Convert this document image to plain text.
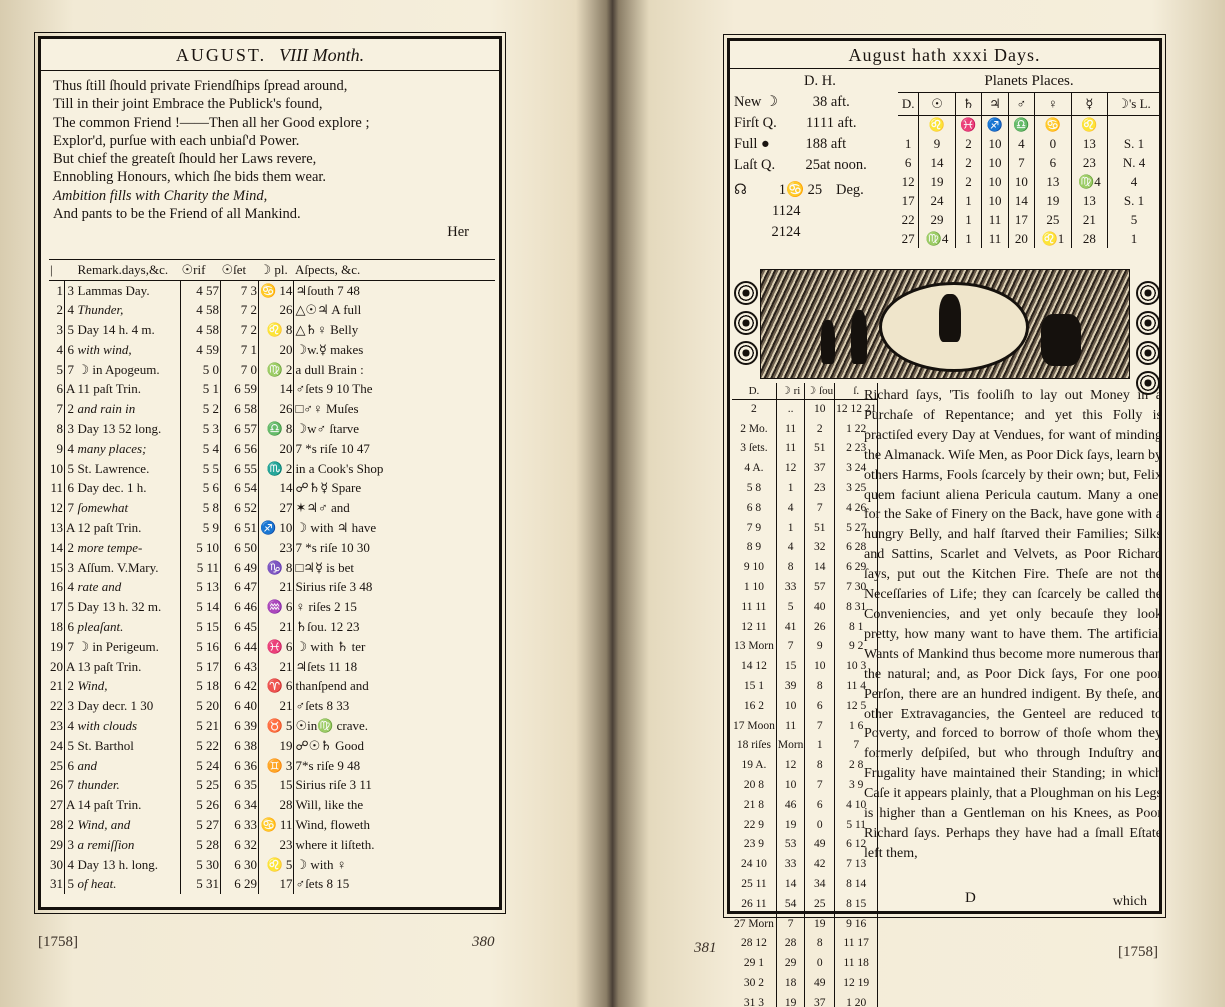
AUGUST. VIII Month.
Thus ſtill ſhould private Friendſhips ſpread around,
Till in their joint Embrace the Publick's found,
The common Friend !——Then all her Good explore ;
Explor'd, purſue with each unbiaſ'd Power.
But chief the greateſt ſhould her Laws revere,
Ennobling Honours, which ſhe bids them wear.
Ambition fills with Charity the Mind,
And pants to be the Friend of all Mankind.
Her
|		Remark.days,&c.	☉rif	☉ſet	☽ pl.	Aſpects, &c.
1	3	Lammas Day.	4 57	7 3	♋ 14	♃ſouth 7 48
2	4	Thunder,	4 58	7 2	26	△☉♃ A full
3	5	Day 14 h. 4 m.	4 58	7 2	♌ 8	△♄♀ Belly
4	6	with wind,	4 59	7 1	20	☽w.☿ makes
5	7	☽ in Apogeum.	5 0	7 0	♍ 2	a dull Brain :
6	A	11 paſt Trin.	5 1	6 59	14	♂ſets 9 10 The
7	2	and rain in	5 2	6 58	26	□♂♀ Muſes
8	3	Day 13 52 long.	5 3	6 57	♎ 8	☽w♂ ſtarve
9	4	many places;	5 4	6 56	20	7 *s riſe 10 47
10	5	St. Lawrence.	5 5	6 55	♏ 2	in a Cook's Shop
11	6	Day dec. 1 h.	5 6	6 54	14	☍♄☿ Spare
12	7	ſomewhat	5 8	6 52	27	✶♃♂ and
13	A	12 paſt Trin.	5 9	6 51	♐ 10	☽ with ♃ have
14	2	more tempe-	5 10	6 50	23	7 *s riſe 10 30
15	3	Aſſum. V.Mary.	5 11	6 49	♑ 8	□♃☿ is bet
16	4	rate and	5 13	6 47	21	Sirius riſe 3 48
17	5	Day 13 h. 32 m.	5 14	6 46	♒ 6	♀ riſes 2 15
18	6	pleaſant.	5 15	6 45	21	♄ſou. 12 23
19	7	☽ in Perigeum.	5 16	6 44	♓ 6	☽ with ♄ ter
20	A	13 paſt Trin.	5 17	6 43	21	♃ſets 11 18
21	2	Wind,	5 18	6 42	♈ 6	thanſpend and
22	3	Day decr. 1 30	5 20	6 40	21	♂ſets 8 33
23	4	with clouds	5 21	6 39	♉ 5	☉in♍ crave.
24	5	St. Barthol	5 22	6 38	19	☍☉♄ Good
25	6	and	5 24	6 36	♊ 3	7*s riſe 9 48
26	7	thunder.	5 25	6 35	15	Sirius riſe 3 11
27	A	14 paſt Trin.	5 26	6 34	28	Will, like the
28	2	Wind, and	5 27	6 33	♋ 11	Wind, floweth
29	3	a remiſſion	5 28	6 32	23	where it liſteth.
30	4	Day 13 h. long.	5 30	6 30	♌ 5	☽ with ♀
31	5	of heat.	5 31	6 29	17	♂ſets 8 15
[1758]	380
August hath xxxi Days.
D. H.
New ☽	3 8 aft.
Firſt Q.	11 11 aft.
Full ●	18 8 aft
Laſt Q.	25 at noon.
☊	1 ♋ 25 Deg.
11 24
21 24
Planets Places.
D.	☉	♄	♃	♂	♀	☿	☽'s L.
	♌	♓	♐	♎	♋	♌	
1	9	2	10	4	0	13	S. 1
6	14	2	10	7	6	23	N. 4
12	19	2	10	10	13	♍4	4
17	24	1	10	14	19	13	S. 1
22	29	1	11	17	25	21	5
27	♍4	1	11	20	♌1	28	1
D.	☽ ri	☽ ſou	ſ.
2	..	10	12 12 21
2 Mo.	11	2	1 22
3 ſets.	11	51	2 23
4 A.	12	37	3 24
5 8	1	23	3 25
6 8	4	7	4 26
7 9	1	51	5 27
8 9	4	32	6 28
9 10	8	14	6 29
1 10	33	57	7 30
11 11	5	40	8 31
12 11	41	26	8 1
13 Morn	7	9	9 2
14 12	15	10	10 3
15 1	39	8	11 4
16 2	10	6	12 5
17 Moon	11	7	1 6
18 riſes	Morn	1	7
19 A.	12	8	2 8
20 8	10	7	3 9
21 8	46	6	4 10
22 9	19	0	5 11
23 9	53	49	6 12
24 10	33	42	7 13
25 11	14	34	8 14
26 11	54	25	8 15
27 Morn	7	19	9 16
28 12	28	8	11 17
29 1	29	0	11 18
30 2	18	49	12 19
31 3	19	37	1 20

Richard ſays, 'Tis fooliſh to lay out Money in a Purchaſe of Repentance; and yet this Folly is practiſed every Day at Vendues, for want of minding the Almanack. Wiſe Men, as Poor Dick ſays, learn by others Harms, Fools ſcarcely by their own; but, Felix quem faciunt aliena Pericula cautum. Many a one, for the Sake of Finery on the Back, have gone with a hungry Belly, and half ſtarved their Families; Silks and Sattins, Scarlet and Velvets, as Poor Richard ſays, put out the Kitchen Fire. Theſe are not the Neceſſaries of Life; they can ſcarcely be called the Conveniencies, and yet only becauſe they look pretty, how many want to have them. The artificial Wants of Mankind thus become more numerous than the natural; and, as Poor Dick ſays, For one poor Perſon, there are an hundred indigent. By theſe, and other Extravagancies, the Genteel are reduced to Poverty, and forced to borrow of thoſe whom they formerly deſpiſed, but who through Induſtry and Frugality have maintained their Standing; in which Caſe it appears plainly, that a Ploughman on his Legs is higher than a Gentleman on his Knees, as Poor Richard ſays. Perhaps they have had a ſmall Eſtate left them,

D	which
381	[1758]
